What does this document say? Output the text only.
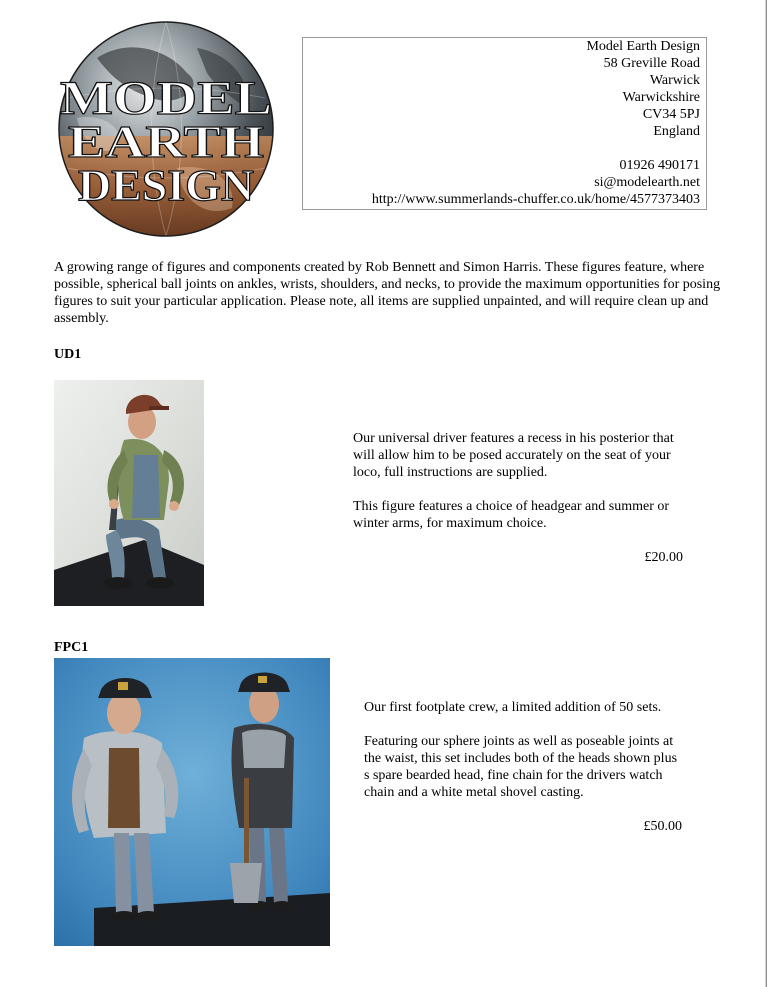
MODEL
EARTH
DESIGN
Model Earth Design
58 Greville Road
Warwick
Warwickshire
CV34 5PJ
England
01926 490171
si@modelearth.net
http://www.summerlands-chuffer.co.uk/home/4577373403
A growing range of figures and components created by Rob Bennett and Simon Harris. These figures feature, where possible, spherical ball joints on ankles, wrists, shoulders, and necks, to provide the maximum opportunities for posing figures to suit your particular application. Please note, all items are supplied unpainted, and will require clean up and assembly.
UD1

Our universal driver features a recess in his posterior that will allow him to be posed accurately on the seat of your loco, full instructions are supplied.

This figure features a choice of headgear and summer or winter arms, for maximum choice.

£20.00

FPC1

Our first footplate crew, a limited addition of 50 sets.

Featuring our sphere joints as well as poseable joints at the waist, this set includes both of the heads shown plus s spare bearded head, fine chain for the drivers watch chain and a white metal shovel casting.

£50.00
